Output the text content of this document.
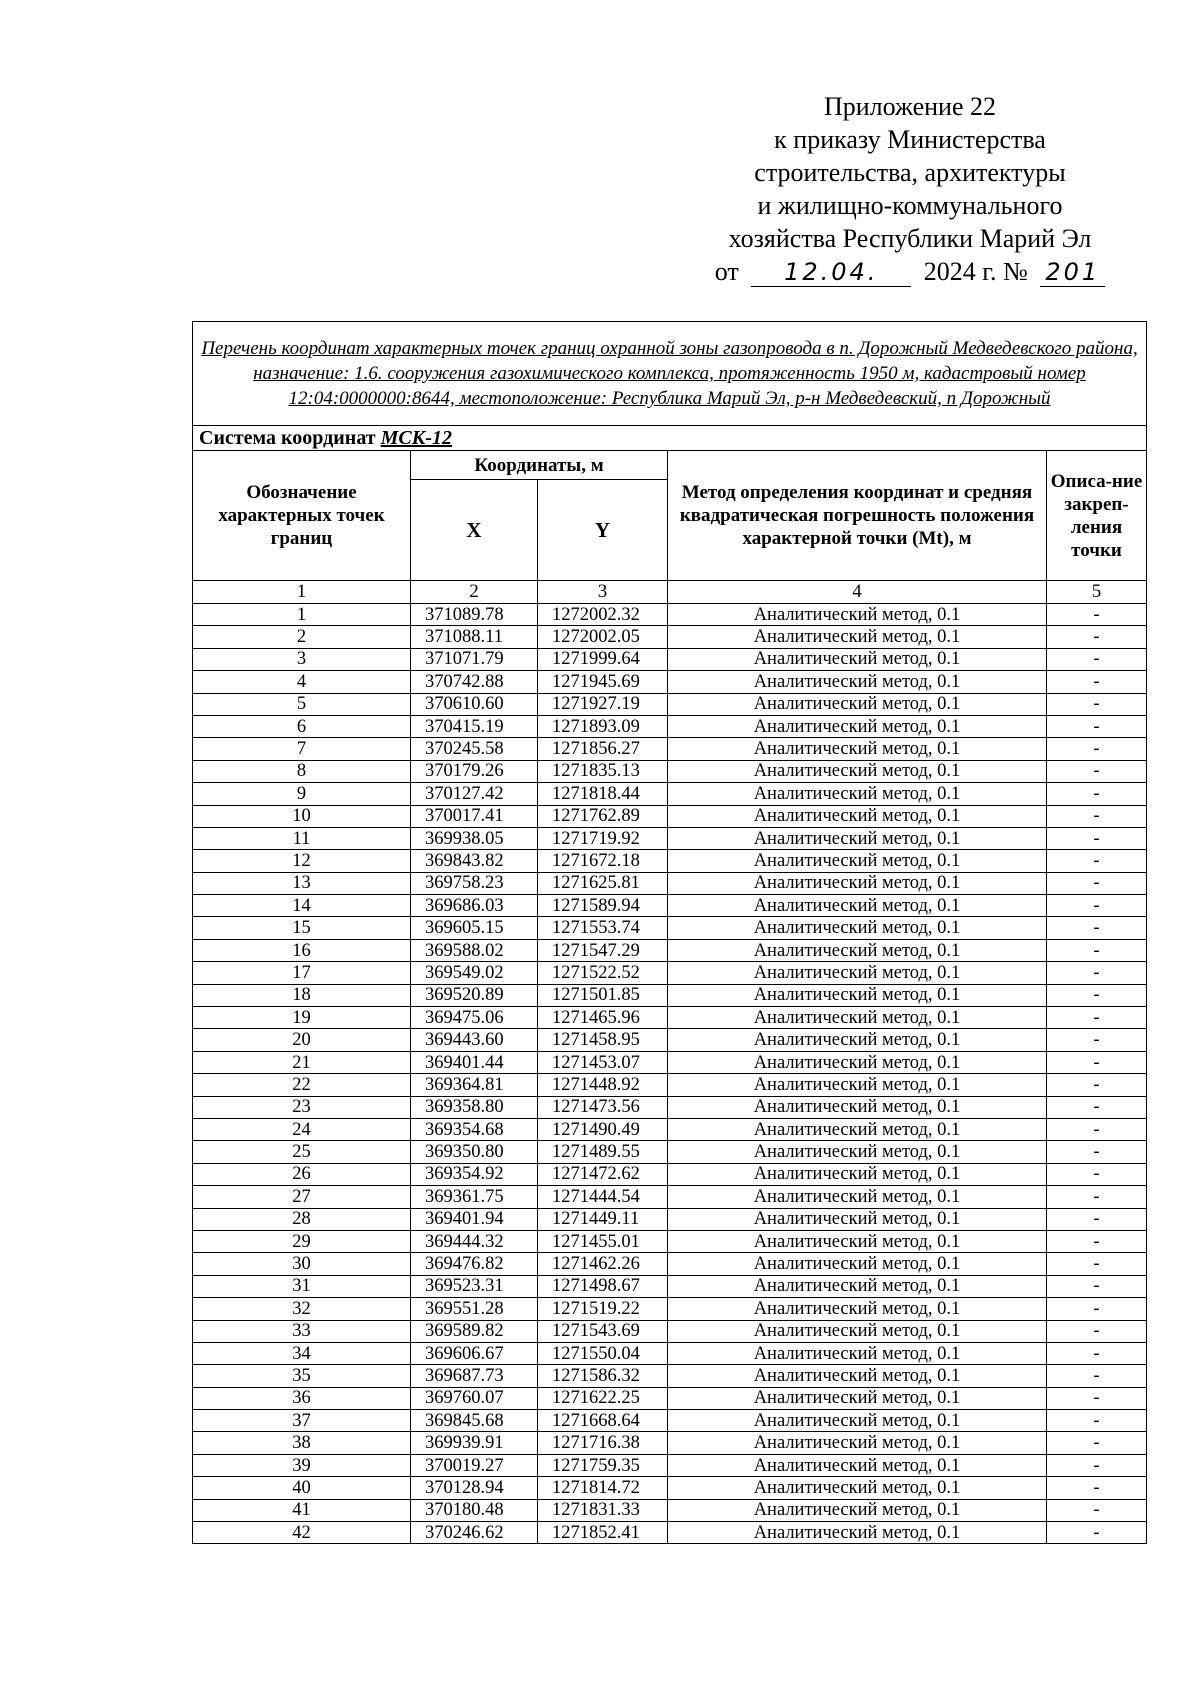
Приложение 22
к приказу Министерства
строительства, архитектуры
и жилищно-коммунального
хозяйства Республики Марий Эл
от 12.04. 2024 г. № 201
Перечень координат характерных точек границ охранной зоны газопровода в п. Дорожный Медведевского района, назначение: 1.6. сооружения газохимического комплекса, протяженность 1950 м, кадастровый номер 12:04:0000000:8644, местоположение: Республика Марий Эл, р-н Медведевский, п Дорожный				
Система координат МСК-12				
Обозначение характерных точек границ	Координаты, м		Метод определения координат и средняя квадратическая погрешность положения характерной точки (Mt), м	Описа-ние закреп-ления точки
	X	Y		
1	2	3	4	5
1	371089.78	1272002.32	Аналитический метод, 0.1	-
2	371088.11	1272002.05	Аналитический метод, 0.1	-
3	371071.79	1271999.64	Аналитический метод, 0.1	-
4	370742.88	1271945.69	Аналитический метод, 0.1	-
5	370610.60	1271927.19	Аналитический метод, 0.1	-
6	370415.19	1271893.09	Аналитический метод, 0.1	-
7	370245.58	1271856.27	Аналитический метод, 0.1	-
8	370179.26	1271835.13	Аналитический метод, 0.1	-
9	370127.42	1271818.44	Аналитический метод, 0.1	-
10	370017.41	1271762.89	Аналитический метод, 0.1	-
11	369938.05	1271719.92	Аналитический метод, 0.1	-
12	369843.82	1271672.18	Аналитический метод, 0.1	-
13	369758.23	1271625.81	Аналитический метод, 0.1	-
14	369686.03	1271589.94	Аналитический метод, 0.1	-
15	369605.15	1271553.74	Аналитический метод, 0.1	-
16	369588.02	1271547.29	Аналитический метод, 0.1	-
17	369549.02	1271522.52	Аналитический метод, 0.1	-
18	369520.89	1271501.85	Аналитический метод, 0.1	-
19	369475.06	1271465.96	Аналитический метод, 0.1	-
20	369443.60	1271458.95	Аналитический метод, 0.1	-
21	369401.44	1271453.07	Аналитический метод, 0.1	-
22	369364.81	1271448.92	Аналитический метод, 0.1	-
23	369358.80	1271473.56	Аналитический метод, 0.1	-
24	369354.68	1271490.49	Аналитический метод, 0.1	-
25	369350.80	1271489.55	Аналитический метод, 0.1	-
26	369354.92	1271472.62	Аналитический метод, 0.1	-
27	369361.75	1271444.54	Аналитический метод, 0.1	-
28	369401.94	1271449.11	Аналитический метод, 0.1	-
29	369444.32	1271455.01	Аналитический метод, 0.1	-
30	369476.82	1271462.26	Аналитический метод, 0.1	-
31	369523.31	1271498.67	Аналитический метод, 0.1	-
32	369551.28	1271519.22	Аналитический метод, 0.1	-
33	369589.82	1271543.69	Аналитический метод, 0.1	-
34	369606.67	1271550.04	Аналитический метод, 0.1	-
35	369687.73	1271586.32	Аналитический метод, 0.1	-
36	369760.07	1271622.25	Аналитический метод, 0.1	-
37	369845.68	1271668.64	Аналитический метод, 0.1	-
38	369939.91	1271716.38	Аналитический метод, 0.1	-
39	370019.27	1271759.35	Аналитический метод, 0.1	-
40	370128.94	1271814.72	Аналитический метод, 0.1	-
41	370180.48	1271831.33	Аналитический метод, 0.1	-
42	370246.62	1271852.41	Аналитический метод, 0.1	-
